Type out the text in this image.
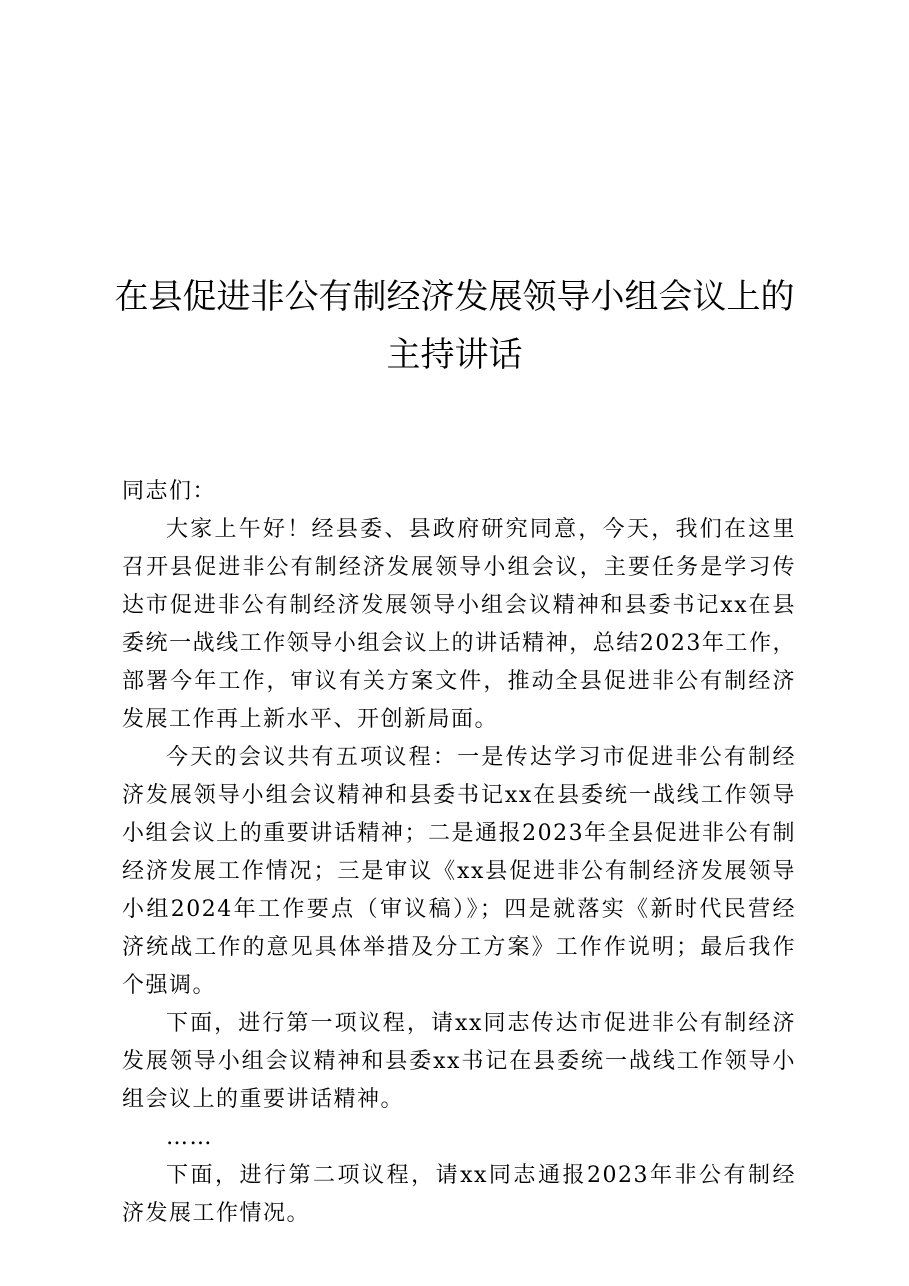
在县促进非公有制经济发展领导小组会议上的
主持讲话

同志们：

大家上午好！经县委、县政府研究同意，今天，我们在这里召开县促进非公有制经济发展领导小组会议，主要任务是学习传达市促进非公有制经济发展领导小组会议精神和县委书记xx在县委统一战线工作领导小组会议上的讲话精神，总结2023年工作，部署今年工作，审议有关方案文件，推动全县促进非公有制经济发展工作再上新水平、开创新局面。

今天的会议共有五项议程：一是传达学习市促进非公有制经济发展领导小组会议精神和县委书记xx在县委统一战线工作领导小组会议上的重要讲话精神；二是通报2023年全县促进非公有制经济发展工作情况；三是审议《xx县促进非公有制经济发展领导小组2024年工作要点（审议稿）》；四是就落实《新时代民营经济统战工作的意见具体举措及分工方案》工作作说明；最后我作个强调。

下面，进行第一项议程，请xx同志传达市促进非公有制经济发展领导小组会议精神和县委xx书记在县委统一战线工作领导小组会议上的重要讲话精神。

……

下面，进行第二项议程，请xx同志通报2023年非公有制经济发展工作情况。
